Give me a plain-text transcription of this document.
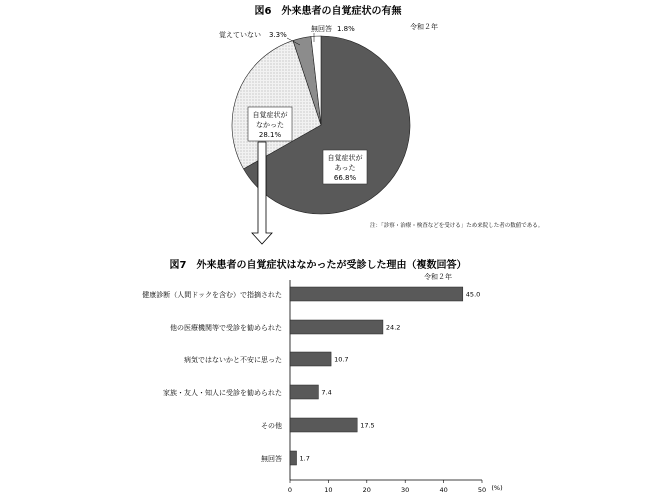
図6　外来患者の自覚症状の有無
令和２年
自覚症状が
あった
66.8%
自覚症状が
なかった
28.1%
覚えていない 3.3%
無回答 1.8%
注：「診察・治療・検査などを受ける」ため来院した者の数値である。
図7　外来患者の自覚症状はなかったが受診した理由（複数回答）
令和２年
健康診断（人間ドックを含む）で指摘された
他の医療機関等で受診を勧められた
病気ではないかと不安に思った
家族・友人・知人に受診を勧められた
その他
無回答
45.0
24.2
10.7
7.4
17.5
1.7
0	10	20	30	40	50 (%)
